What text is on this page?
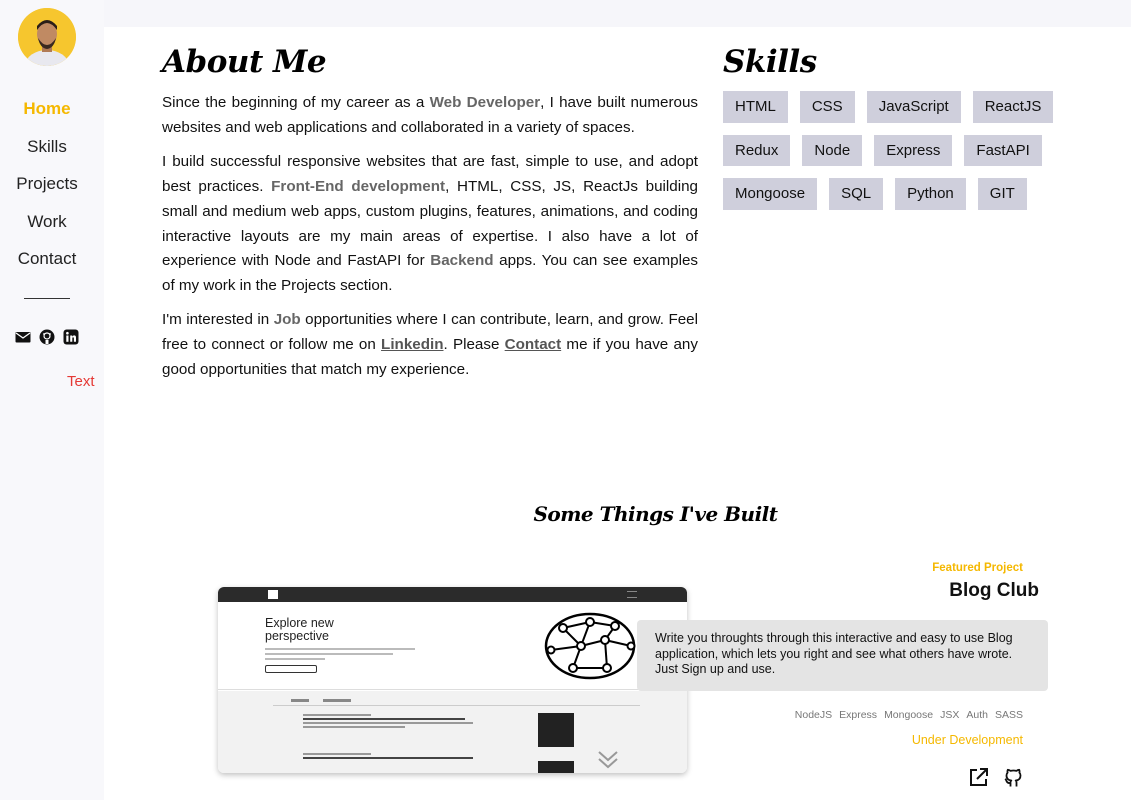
Home
Skills
Projects
Work
Contact
Text
About Me

Since the beginning of my career as a Web Developer, I have built numerous websites and web applications and collaborated in a variety of spaces.

I build successful responsive websites that are fast, simple to use, and adopt best practices. Front-End development, HTML, CSS, JS, ReactJs building small and medium web apps, custom plugins, features, animations, and coding interactive layouts are my main areas of expertise. I also have a lot of experience with Node and FastAPI for Backend apps. You can see examples of my work in the Projects section.

I'm interested in Job opportunities where I can contribute, learn, and grow. Feel free to connect or follow me on Linkedin. Please Contact me if you have any good opportunities that match my experience.

Skills
HTML	CSS	JavaScript	ReactJS
Redux	Node	Express	FastAPI
Mongoose	SQL	Python	GIT
Some Things I've Built
Explore new perspective
Featured Project
Blog Club
Write you throughts through this interactive and easy to use Blog application, which lets you right and see what others have wrote. Just Sign up and use.
NodeJS Express Mongoose JSX Auth SASS
Under Development
